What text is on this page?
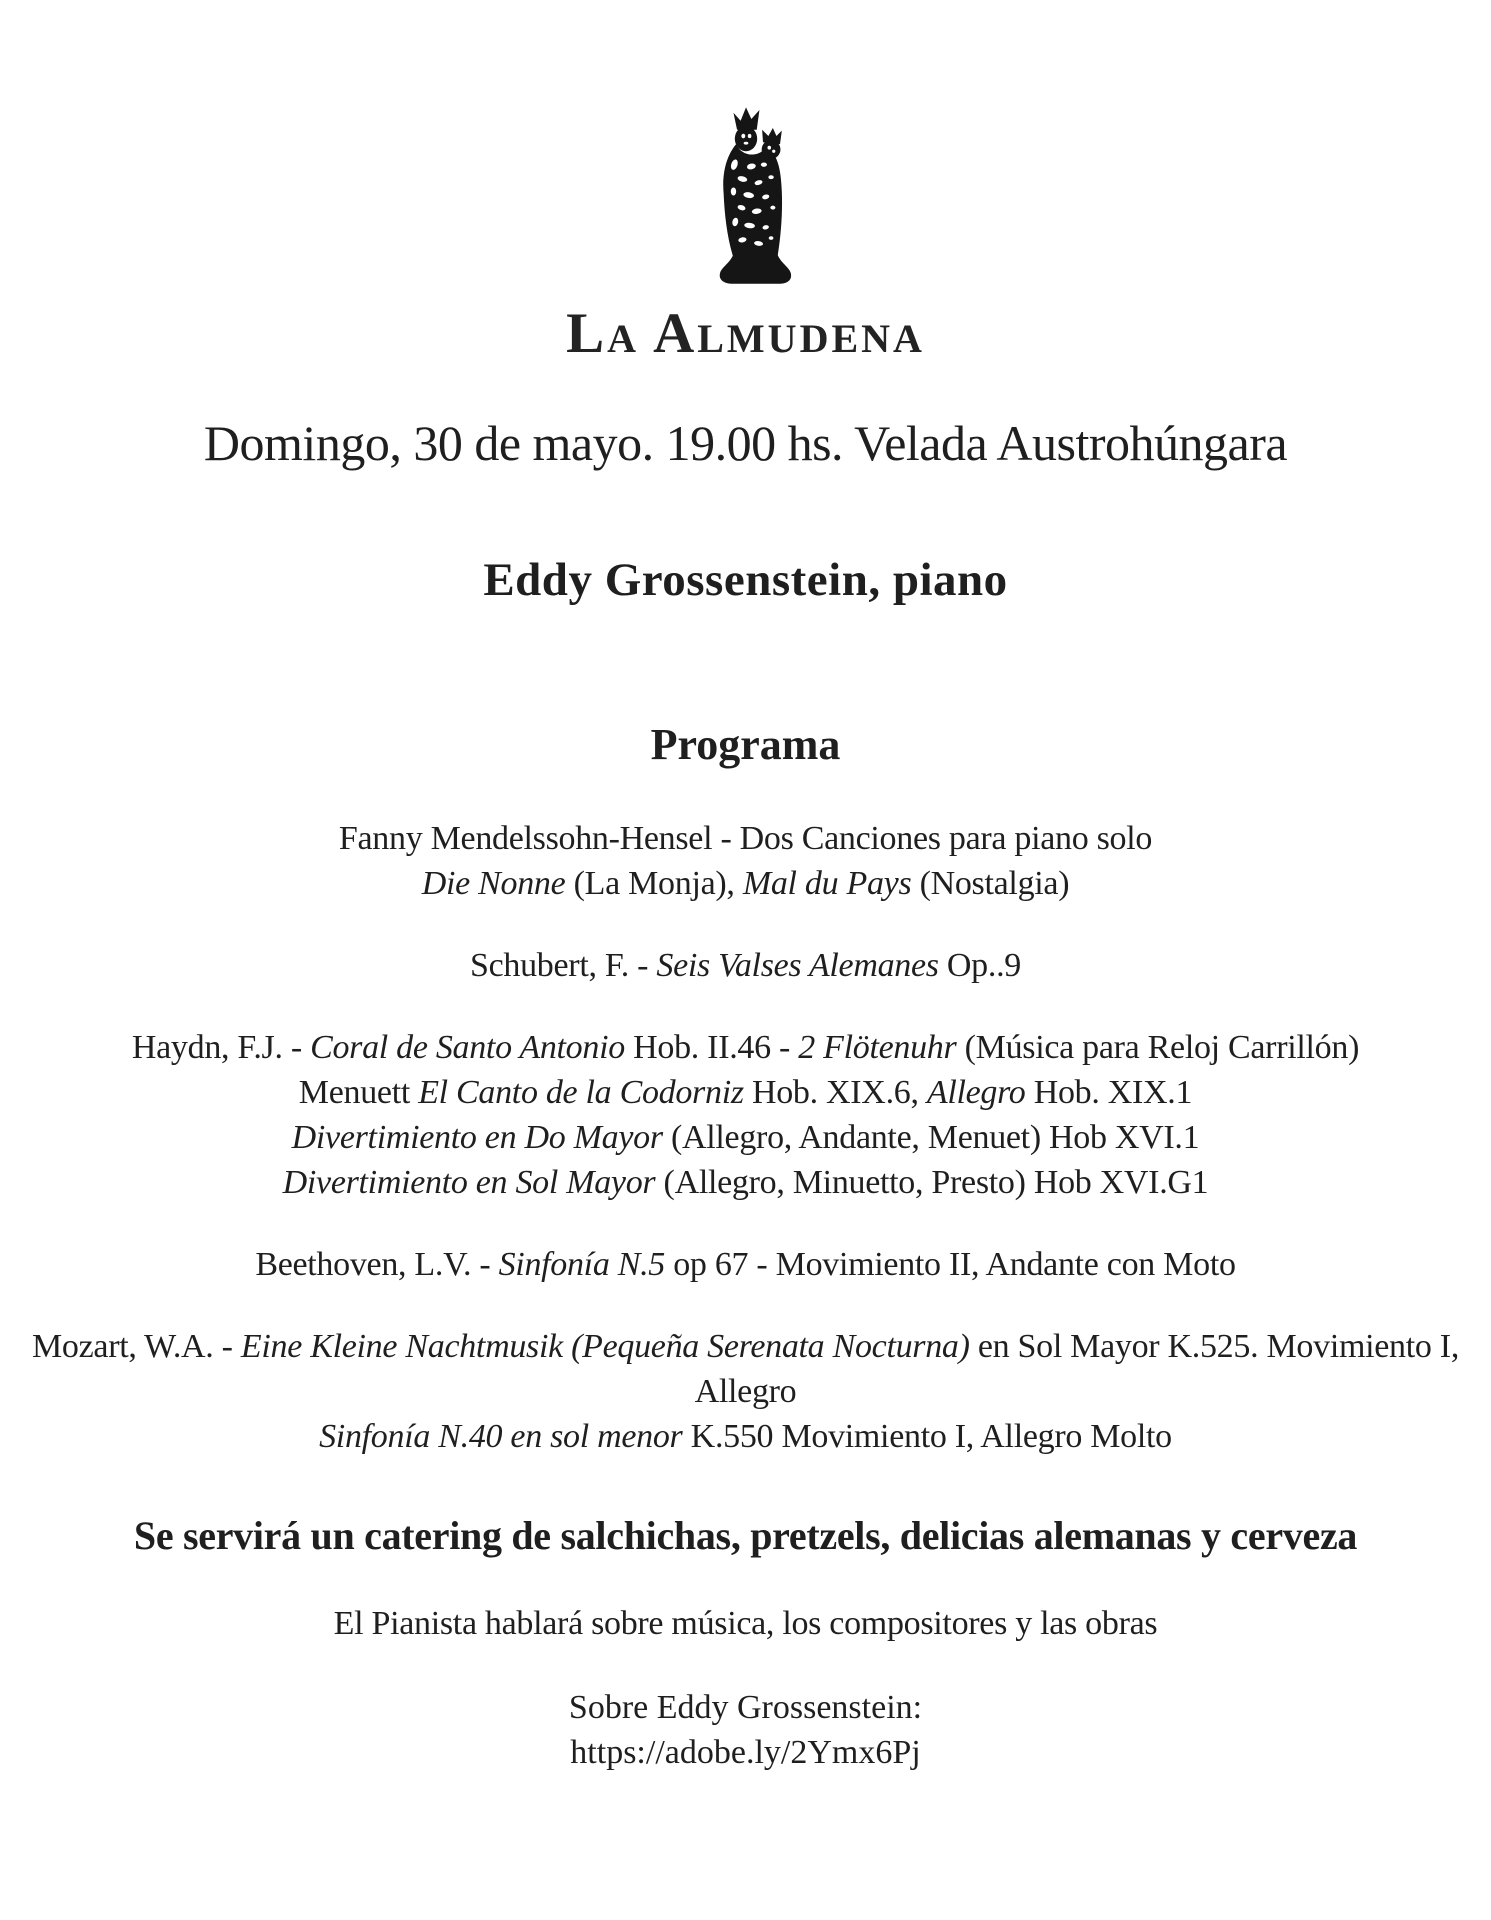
La Almudena

Domingo, 30 de mayo. 19.00 hs. Velada Austrohúngara

Eddy Grossenstein, piano
Programa

Fanny Mendelssohn-Hensel - Dos Canciones para piano solo

Die Nonne (La Monja), Mal du Pays (Nostalgia)

Schubert, F. - Seis Valses Alemanes Op..9

Haydn, F.J. - Coral de Santo Antonio Hob. II.46 - 2 Flötenuhr (Música para Reloj Carrillón)

Menuett El Canto de la Codorniz Hob. XIX.6, Allegro Hob. XIX.1

Divertimiento en Do Mayor (Allegro, Andante, Menuet) Hob XVI.1

Divertimiento en Sol Mayor (Allegro, Minuetto, Presto) Hob XVI.G1

Beethoven, L.V. - Sinfonía N.5 op 67 - Movimiento II, Andante con Moto

Mozart, W.A. - Eine Kleine Nachtmusik (Pequeña Serenata Nocturna) en Sol Mayor K.525. Movimiento I, Allegro

Sinfonía N.40 en sol menor K.550 Movimiento I, Allegro Molto

Se servirá un catering de salchichas, pretzels, delicias alemanas y cerveza

El Pianista hablará sobre música, los compositores y las obras

Sobre Eddy Grossenstein:

https://adobe.ly/2Ymx6Pj
